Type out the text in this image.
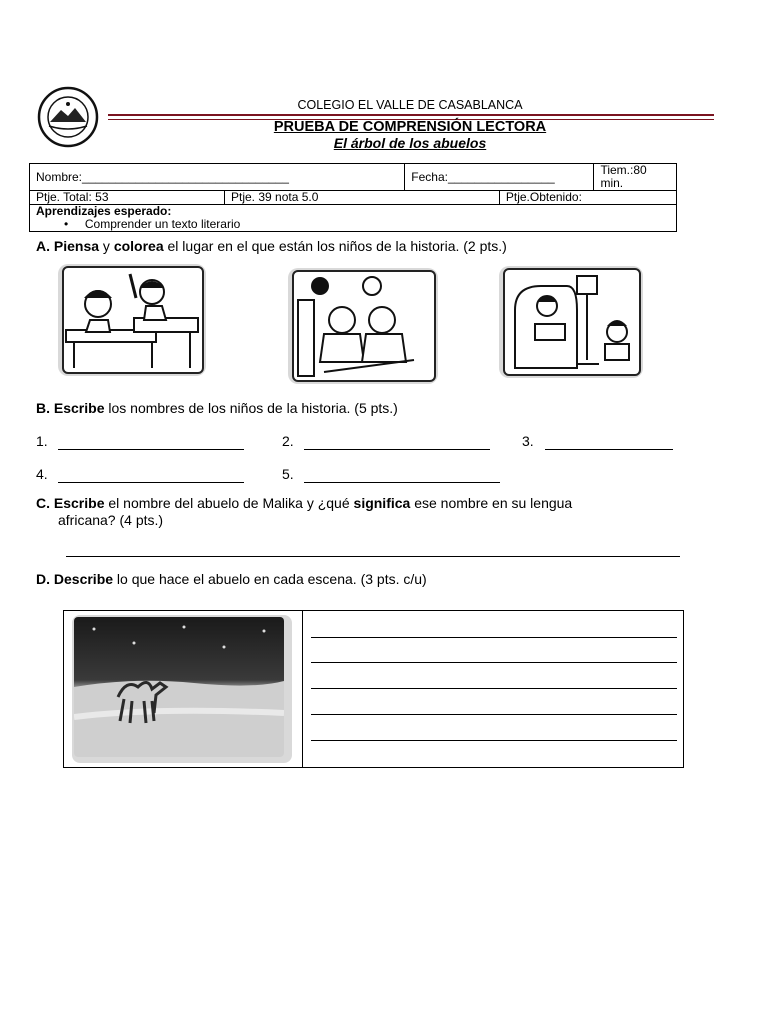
COLEGIO EL VALLE DE CASABLANCA
PRUEBA DE COMPRENSIÓN LECTORA
El árbol de los abuelos
Nombre:_______________________________		Fecha:________________		Tiem.:80 min.
Ptje. Total: 53	Ptje. 39 nota 5.0		Ptje.Obtenido:	

Aprendizajes esperado:
•     Comprender un texto literario				
A. Piensa y colorea el lugar en el que están los niños de la historia. (2 pts.)
B. Escribe los nombres de los niños de la historia. (5 pts.)
1.	2.	3.
4.	5.
C. Escribe el nombre del abuelo de Malika y ¿qué significa ese nombre en su lengua
africana? (4 pts.)
D. Describe lo que hace el abuelo en cada escena. (3 pts. c/u)
